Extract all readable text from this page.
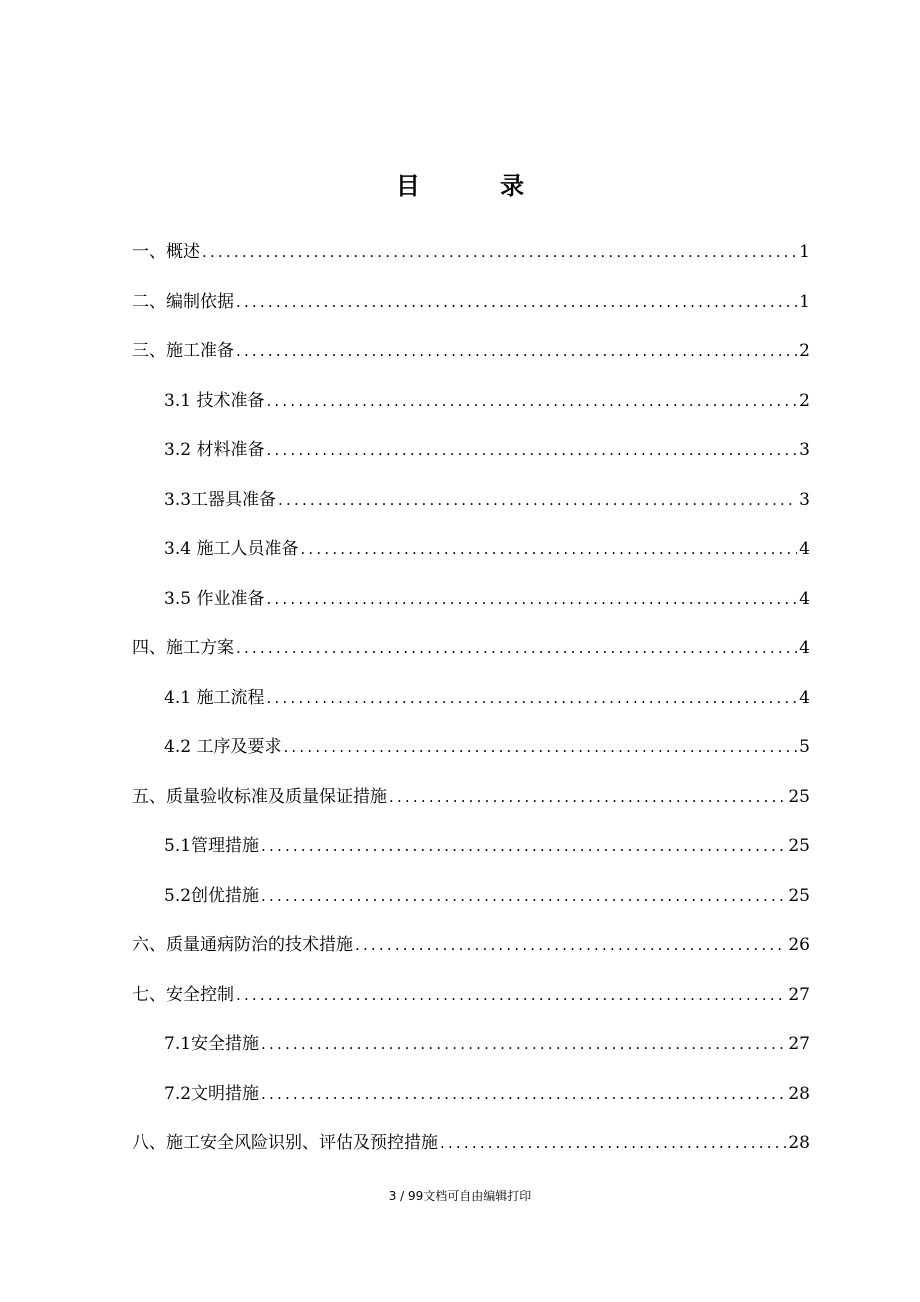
目 录
一、概述 .....	1
二、编制依据 .....	1
三、施工准备 .....	2
3.1 技术准备 .....	2
3.2 材料准备 .....	3
3.3工器具准备 .....	3
3.4 施工人员准备 .....	4
3.5 作业准备 .....	4
四、施工方案 .....	4
4.1 施工流程 .....	4
4.2 工序及要求 .....	5
五、质量验收标准及质量保证措施 .....	25
5.1管理措施 .....	25
5.2创优措施 .....	25
六、质量通病防治的技术措施 .....	26
七、安全控制 .....	27
7.1安全措施 .....	27
7.2文明措施 .....	28
八、施工安全风险识别、评估及预控措施 .....	28
3 / 99文档可自由编辑打印
